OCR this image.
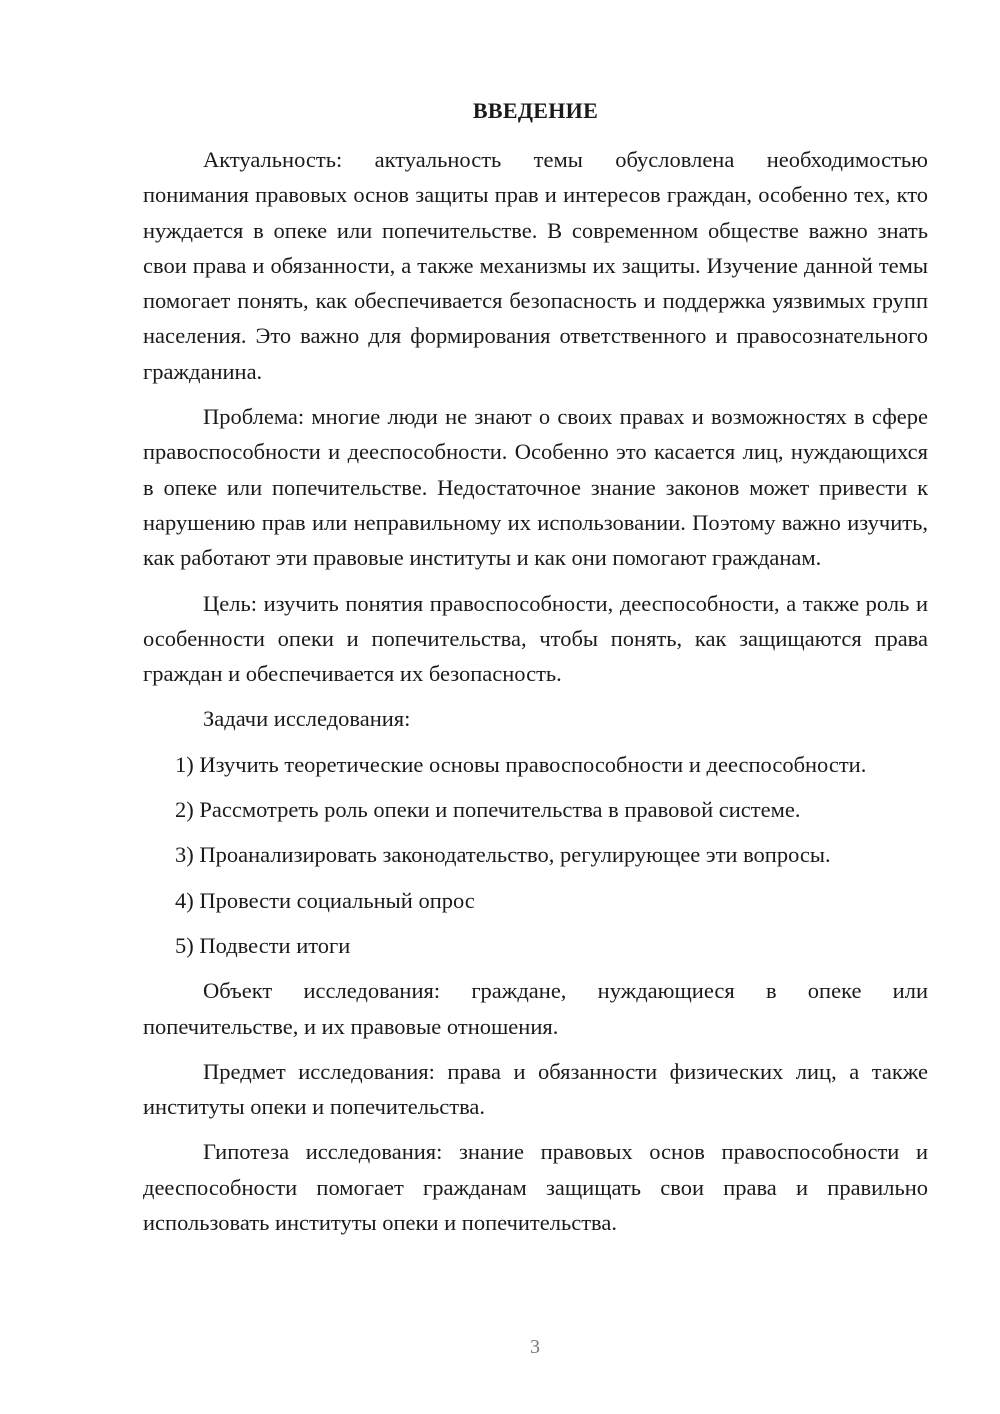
ВВЕДЕНИЕ

Актуальность: актуальность темы обусловлена необходимостью понимания правовых основ защиты прав и интересов граждан, особенно тех, кто нуждается в опеке или попечительстве. В современном обществе важно знать свои права и обязанности, а также механизмы их защиты. Изучение данной темы помогает понять, как обеспечивается безопасность и поддержка уязвимых групп населения. Это важно для формирования ответственного и правосознательного гражданина.

Проблема: многие люди не знают о своих правах и возможностях в сфере правоспособности и дееспособности. Особенно это касается лиц, нуждающихся в опеке или попечительстве. Недостаточное знание законов может привести к нарушению прав или неправильному их использовании. Поэтому важно изучить, как работают эти правовые институты и как они помогают гражданам.

Цель: изучить понятия правоспособности, дееспособности, а также роль и особенности опеки и попечительства, чтобы понять, как защищаются права граждан и обеспечивается их безопасность.

Задачи исследования:

1) Изучить теоретические основы правоспособности и дееспособности.

2) Рассмотреть роль опеки и попечительства в правовой системе.

3) Проанализировать законодательство, регулирующее эти вопросы.

4) Провести социальный опрос

5) Подвести итоги

Объект исследования: граждане, нуждающиеся в опеке или попечительстве, и их правовые отношения.

Предмет исследования: права и обязанности физических лиц, а также институты опеки и попечительства.

Гипотеза исследования: знание правовых основ правоспособности и дееспособности помогает гражданам защищать свои права и правильно использовать институты опеки и попечительства.

3
